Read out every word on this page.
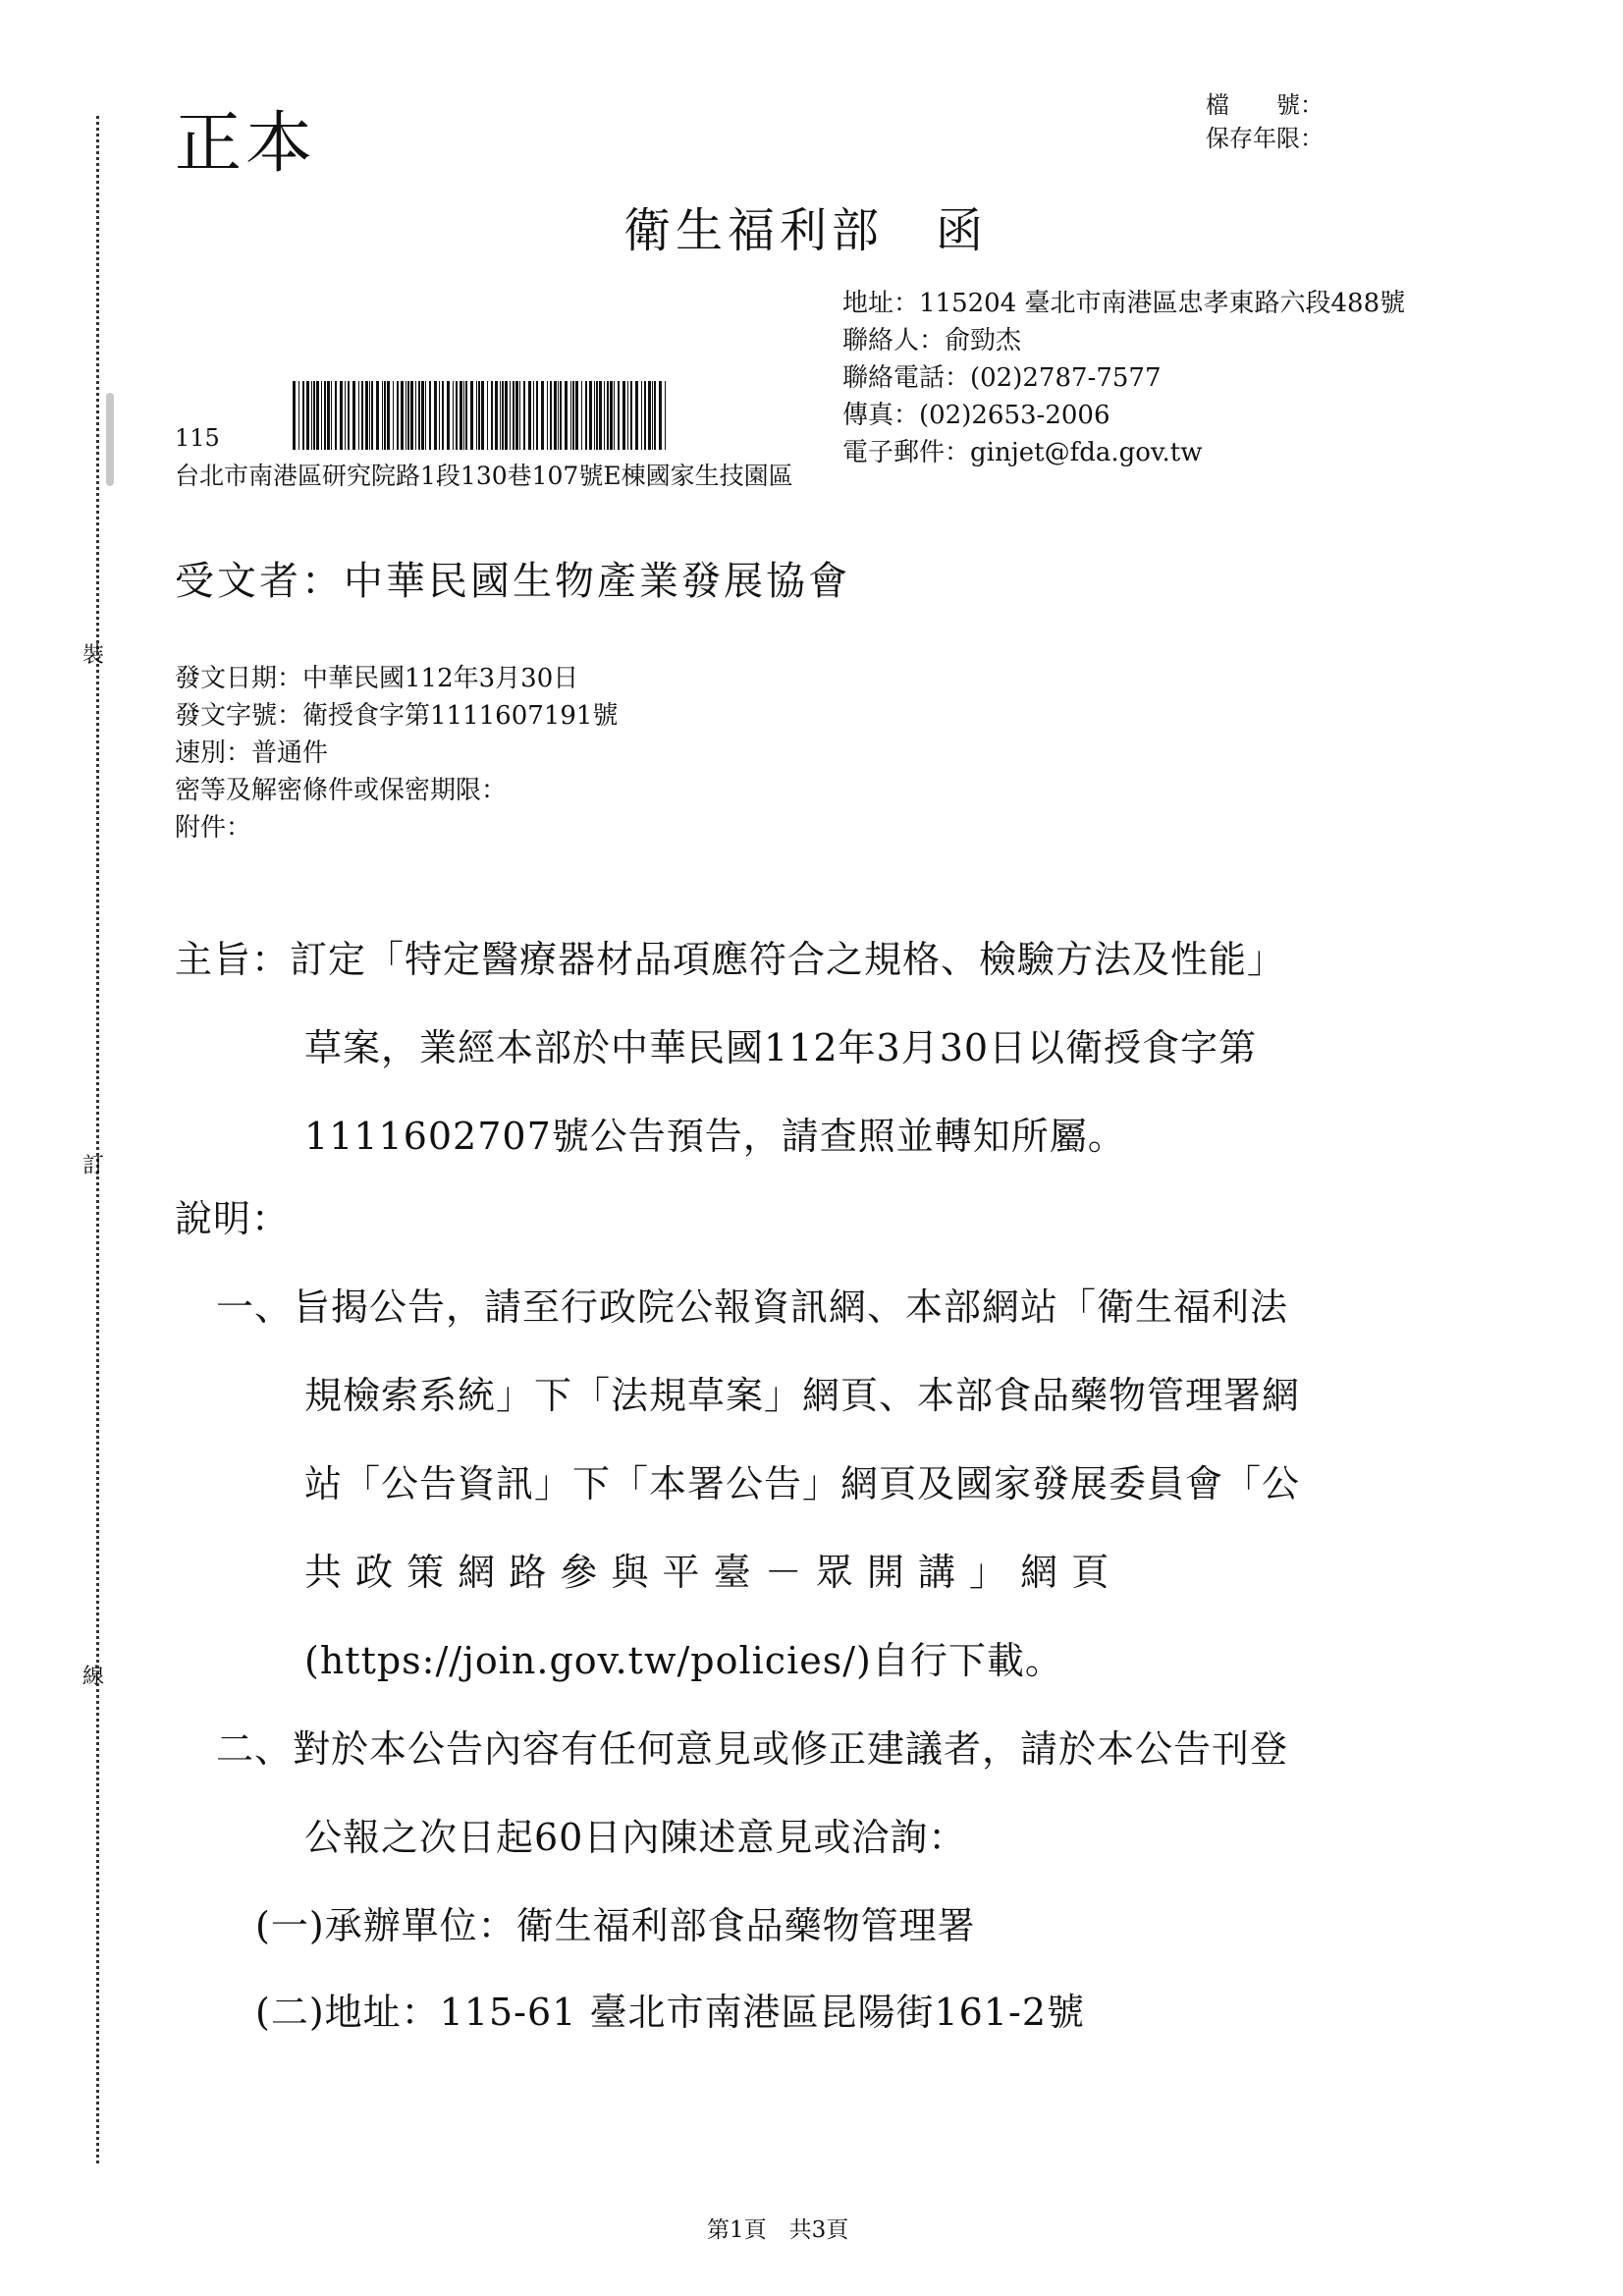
裝
訂
線
正本	檔　　號：
保存年限：
衛生福利部　函
地址：115204 臺北市南港區忠孝東路六段488號
聯絡人：俞勁杰
聯絡電話：(02)2787-7577
傳真：(02)2653-2006
電子郵件：ginjet@fda.gov.tw
115
台北市南港區研究院路1段130巷107號E棟國家生技園區
受文者：中華民國生物產業發展協會
發文日期：中華民國112年3月30日
發文字號：衛授食字第1111607191號
速別：普通件
密等及解密條件或保密期限：
附件：
主旨：訂定「特定醫療器材品項應符合之規格、檢驗方法及性能」
草案，業經本部於中華民國112年3月30日以衛授食字第
1111602707號公告預告，請查照並轉知所屬。
說明：
一、旨揭公告，請至行政院公報資訊網、本部網站「衛生福利法
規檢索系統」下「法規草案」網頁、本部食品藥物管理署網
站「公告資訊」下「本署公告」網頁及國家發展委員會「公
共 政 策 網 路 參 與 平 臺 － 眾 開 講 」 網 頁
(https://join.gov.tw/policies/)自行下載。
二、對於本公告內容有任何意見或修正建議者，請於本公告刊登
公報之次日起60日內陳述意見或洽詢：
(一)承辦單位：衛生福利部食品藥物管理署
(二)地址：115-61 臺北市南港區昆陽街161-2號
第1頁　共3頁
